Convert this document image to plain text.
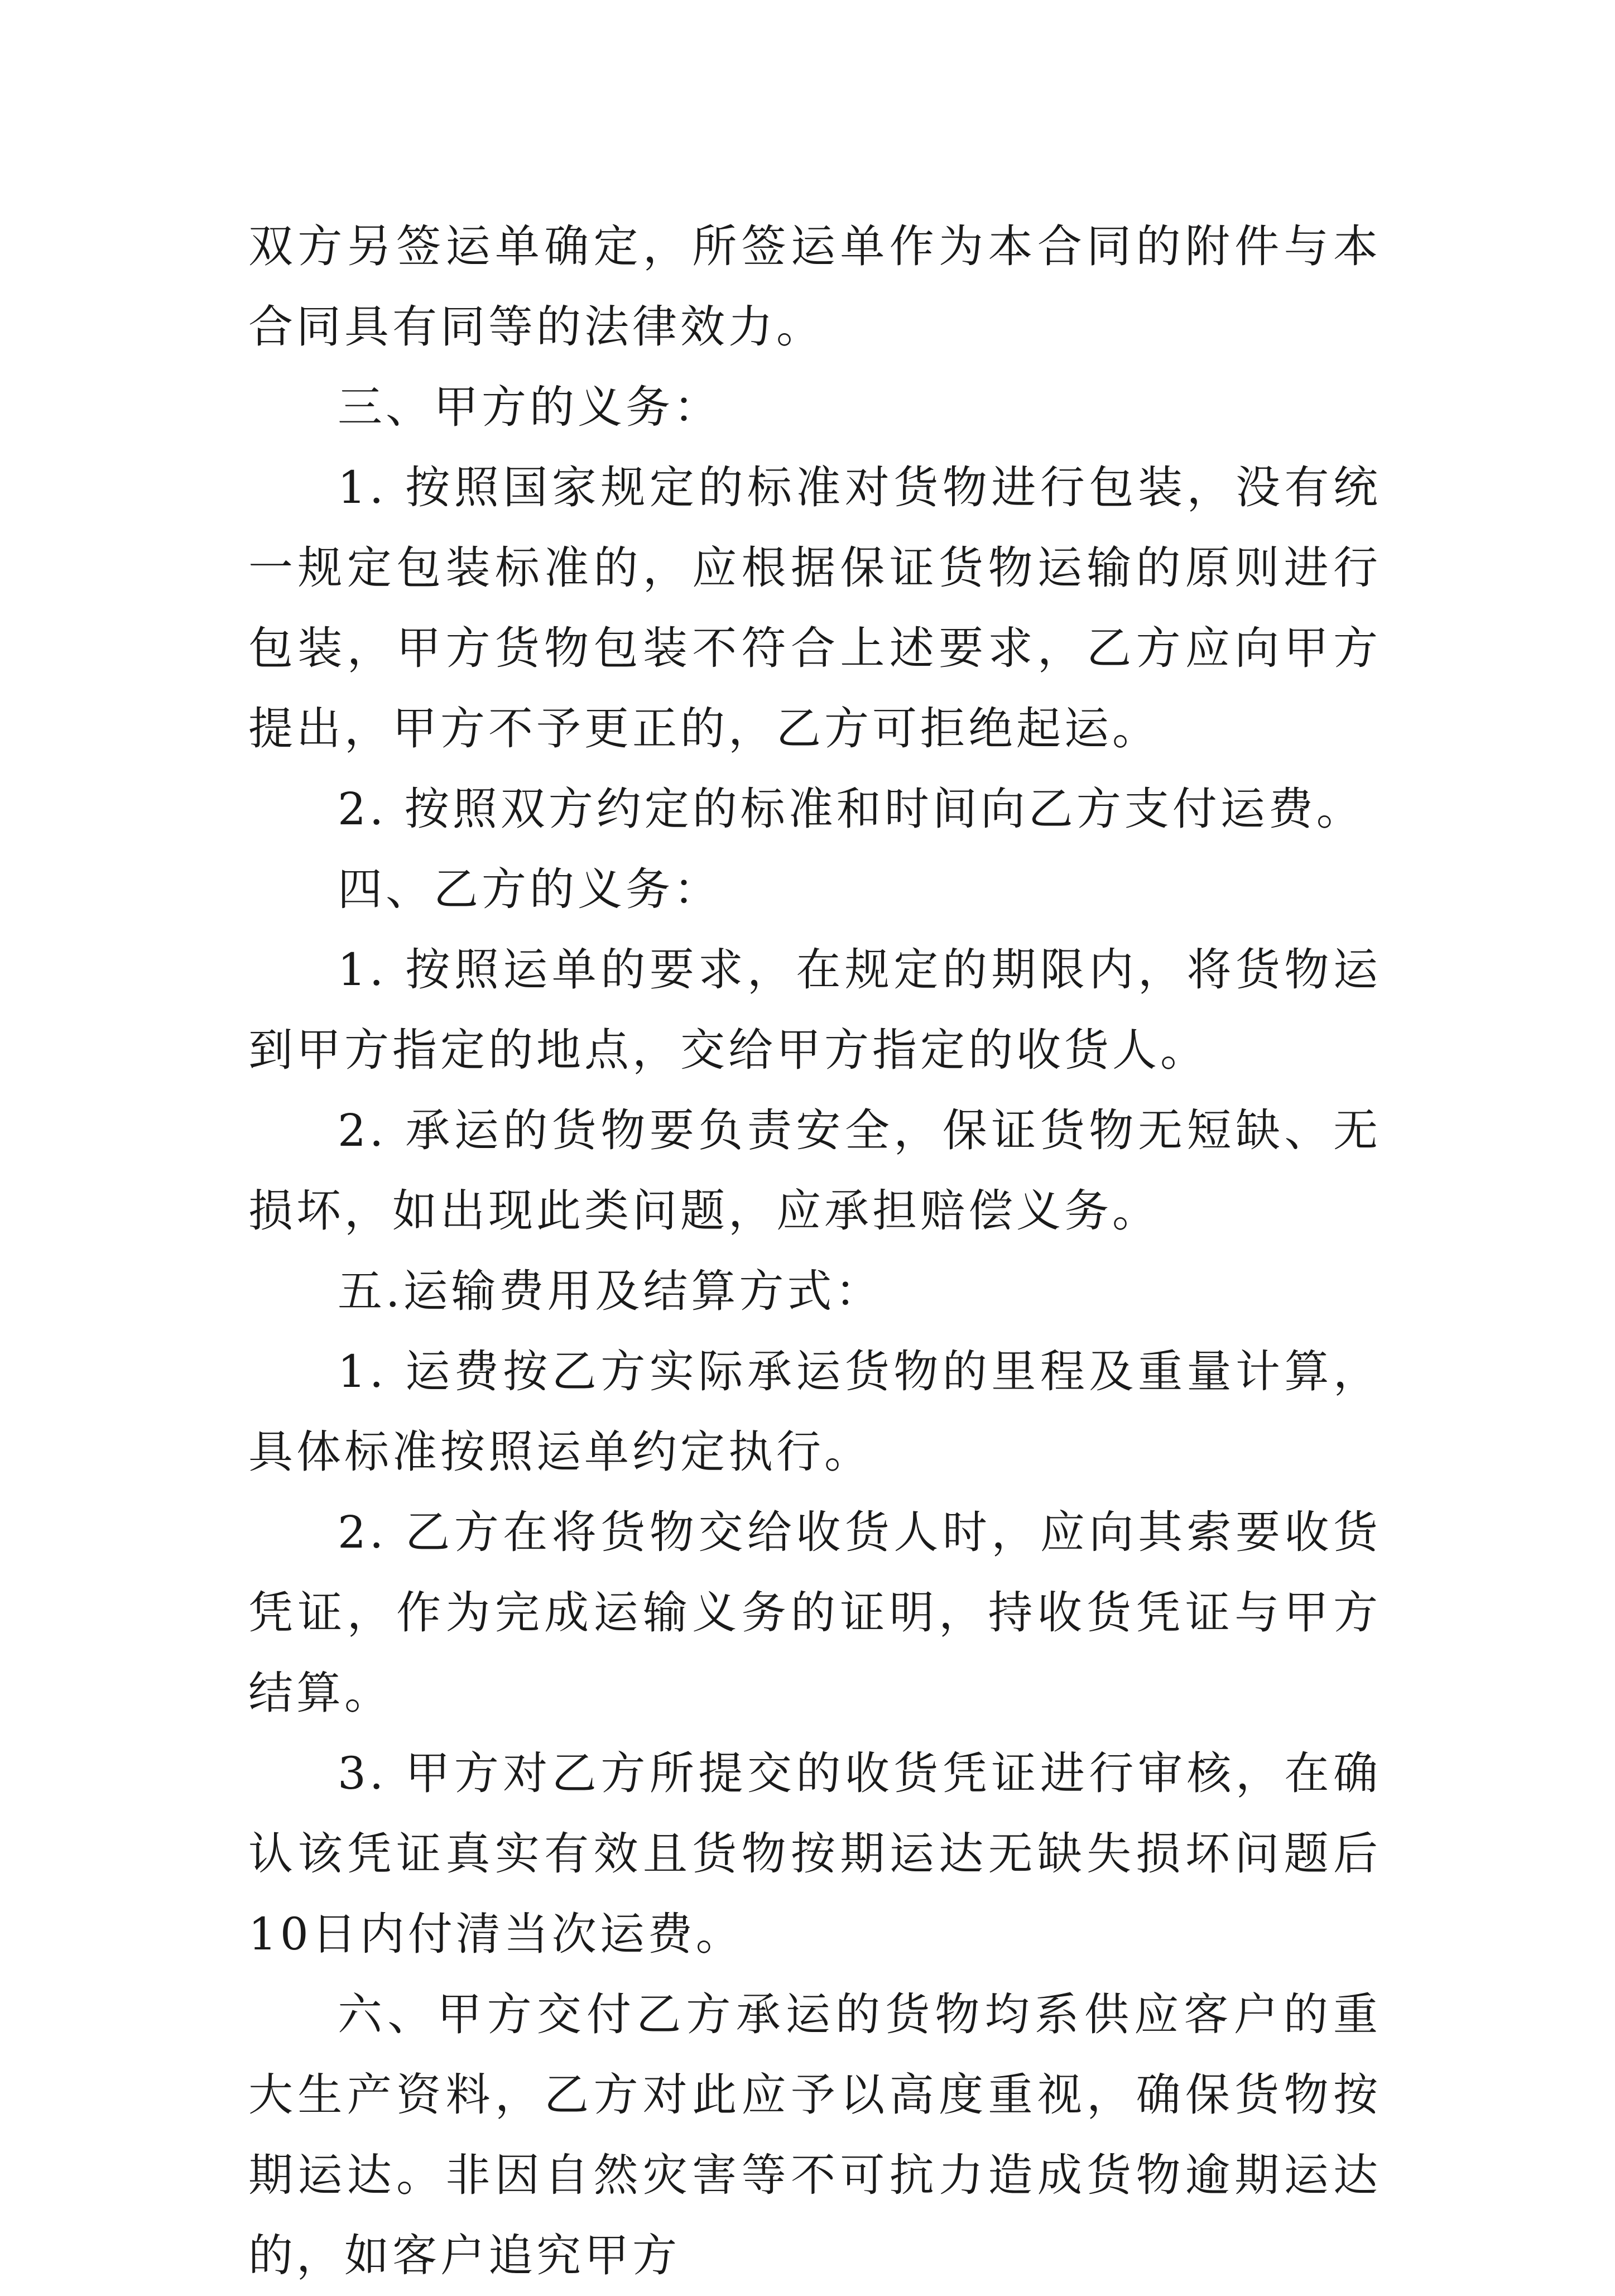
双方另签运单确定，所签运单作为本合同的附件与本合同具有同等的法律效力。

三、甲方的义务：

1. 按照国家规定的标准对货物进行包装，没有统一规定包装标准的，应根据保证货物运输的原则进行包装，甲方货物包装不符合上述要求，乙方应向甲方提出，甲方不予更正的，乙方可拒绝起运。

2. 按照双方约定的标准和时间向乙方支付运费。

四、乙方的义务：

1. 按照运单的要求，在规定的期限内，将货物运到甲方指定的地点，交给甲方指定的收货人。

2. 承运的货物要负责安全，保证货物无短缺、无损坏，如出现此类问题，应承担赔偿义务。

五.运输费用及结算方式：

1. 运费按乙方实际承运货物的里程及重量计算，具体标准按照运单约定执行。

2. 乙方在将货物交给收货人时，应向其索要收货凭证，作为完成运输义务的证明，持收货凭证与甲方结算。

3. 甲方对乙方所提交的收货凭证进行审核，在确认该凭证真实有效且货物按期运达无缺失损坏问题后10日内付清当次运费。

六、甲方交付乙方承运的货物均系供应客户的重大生产资料，乙方对此应予以高度重视，确保货物按期运达。非因自然灾害等不可抗力造成货物逾期运达的，如客户追究甲方
